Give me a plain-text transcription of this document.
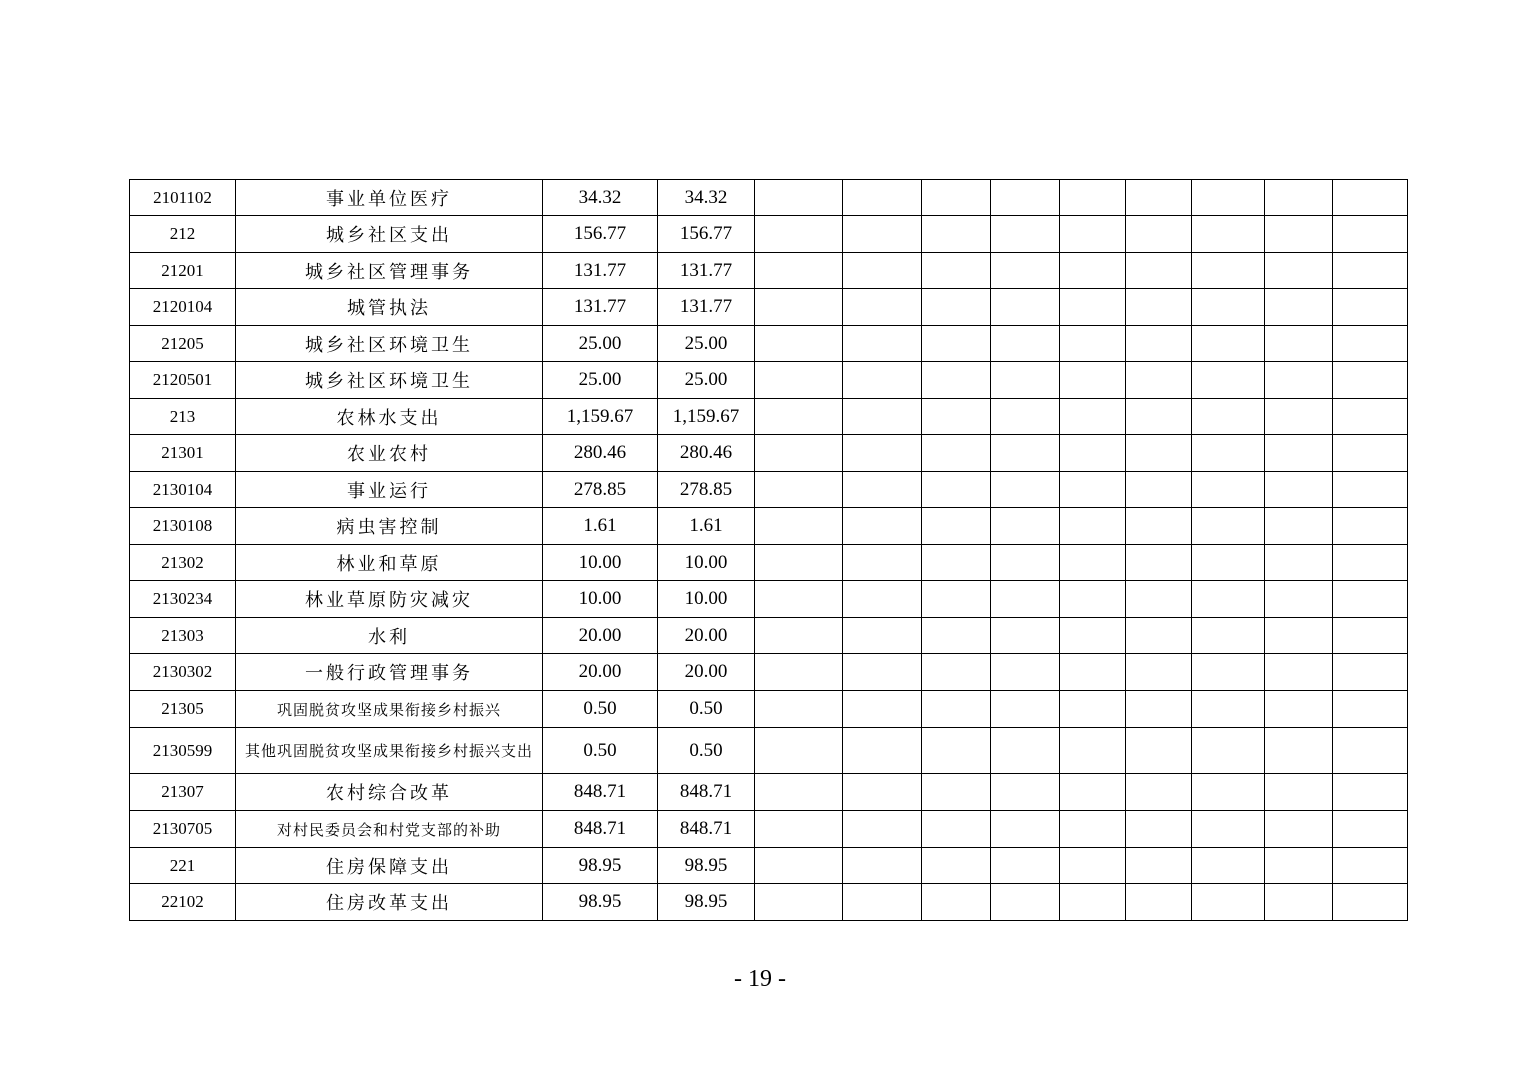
2101102	事业单位医疗	34.32	34.32									
212	城乡社区支出	156.77	156.77									
21201	城乡社区管理事务	131.77	131.77									
2120104	城管执法	131.77	131.77									
21205	城乡社区环境卫生	25.00	25.00									
2120501	城乡社区环境卫生	25.00	25.00									
213	农林水支出	1,159.67	1,159.67									
21301	农业农村	280.46	280.46									
2130104	事业运行	278.85	278.85									
2130108	病虫害控制	1.61	1.61									
21302	林业和草原	10.00	10.00									
2130234	林业草原防灾减灾	10.00	10.00									
21303	水利	20.00	20.00									
2130302	一般行政管理事务	20.00	20.00									
21305	巩固脱贫攻坚成果衔接乡村振兴	0.50	0.50									
2130599	其他巩固脱贫攻坚成果衔接乡村振兴支出	0.50	0.50									
21307	农村综合改革	848.71	848.71									
2130705	对村民委员会和村党支部的补助	848.71	848.71									
221	住房保障支出	98.95	98.95									
22102	住房改革支出	98.95	98.95									
- 19 -
